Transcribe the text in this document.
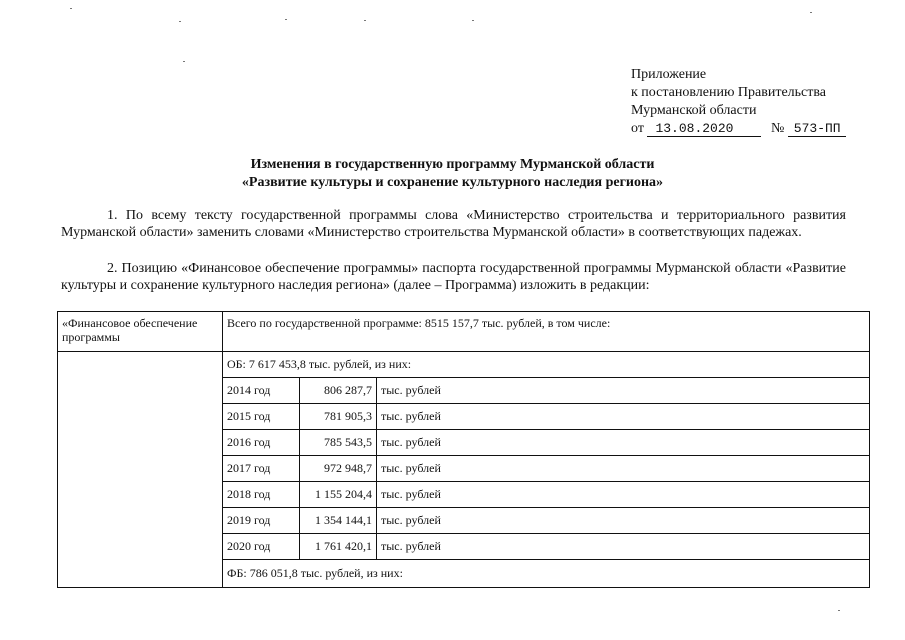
Приложение
к постановлению Правительства
Мурманской области
от 13.08.2020	№ 573-ПП
Изменения в государственную программу Мурманской области
«Развитие культуры и сохранение культурного наследия региона»
1. По всему тексту государственной программы слова «Министерство строительства и территориального развития Мурманской области» заменить словами «Министерство строительства Мурманской области» в соответствующих падежах.
2. Позицию «Финансовое обеспечение программы» паспорта государственной программы Мурманской области «Развитие культуры и сохранение культурного наследия региона» (далее – Программа) изложить в редакции:
«Финансовое обеспечение программы	Всего по государственной программе: 8515 157,7 тыс. рублей, в том числе:		
	ОБ: 7 617 453,8 тыс. рублей, из них:		
	2014 год	806 287,7	тыс. рублей
	2015 год	781 905,3	тыс. рублей
	2016 год	785 543,5	тыс. рублей
	2017 год	972 948,7	тыс. рублей
	2018 год	1 155 204,4	тыс. рублей
	2019 год	1 354 144,1	тыс. рублей
	2020 год	1 761 420,1	тыс. рублей
	ФБ: 786 051,8 тыс. рублей, из них:		
